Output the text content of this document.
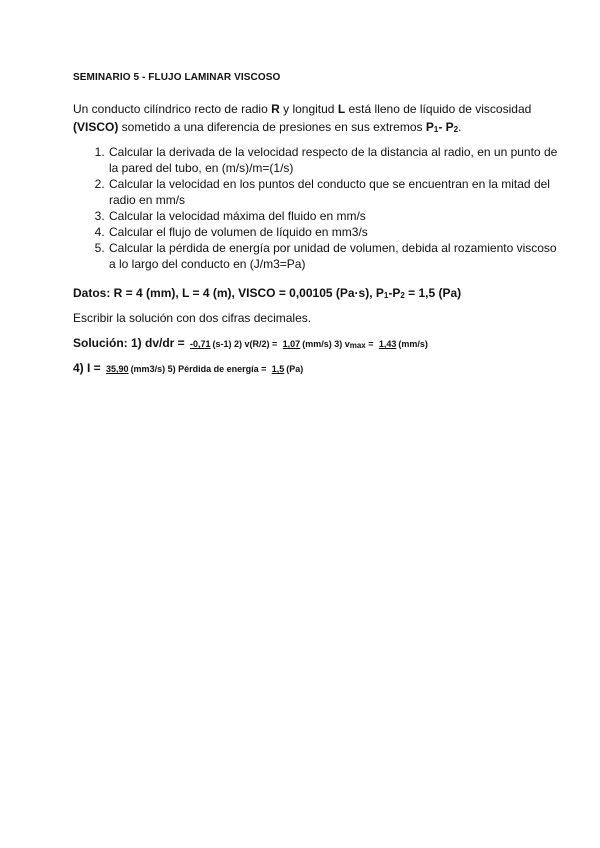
SEMINARIO 5 - FLUJO LAMINAR VISCOSO
Un conducto cilíndrico recto de radio R y longitud L está lleno de líquido de viscosidad (VISCO) sometido a una diferencia de presiones en sus extremos $P_1-$ $P_2$.
1. Calcular la derivada de la velocidad respecto de la distancia al radio, en un punto de la pared del tubo, en (m/s)/m=(1/s)
2. Calcular la velocidad en los puntos del conducto que se encuentran en la mitad del radio en mm/s
3. Calcular la velocidad máxima del fluido en mm/s
4. Calcular el flujo de volumen de líquido en mm3/s
5. Calcular la pérdida de energía por unidad de volumen, debida al rozamiento viscoso a lo largo del conducto en (J/m3=Pa)
Datos: R = 4 (mm), L = 4 (m), VISCO = 0,00105 (Pa·s), $P_1-P_2 = 1,5$ (Pa)
Escribir la solución con dos cifras decimales.
Solución: 1) dv/dr = -0,71 (s-1) 2) v(R/2) = 1,07 (mm/s) 3) $v_{max} = 1,43$ (mm/s)
4) I = 35,90 (mm3/s) 5) Pérdida de energía = 1,5 (Pa)
